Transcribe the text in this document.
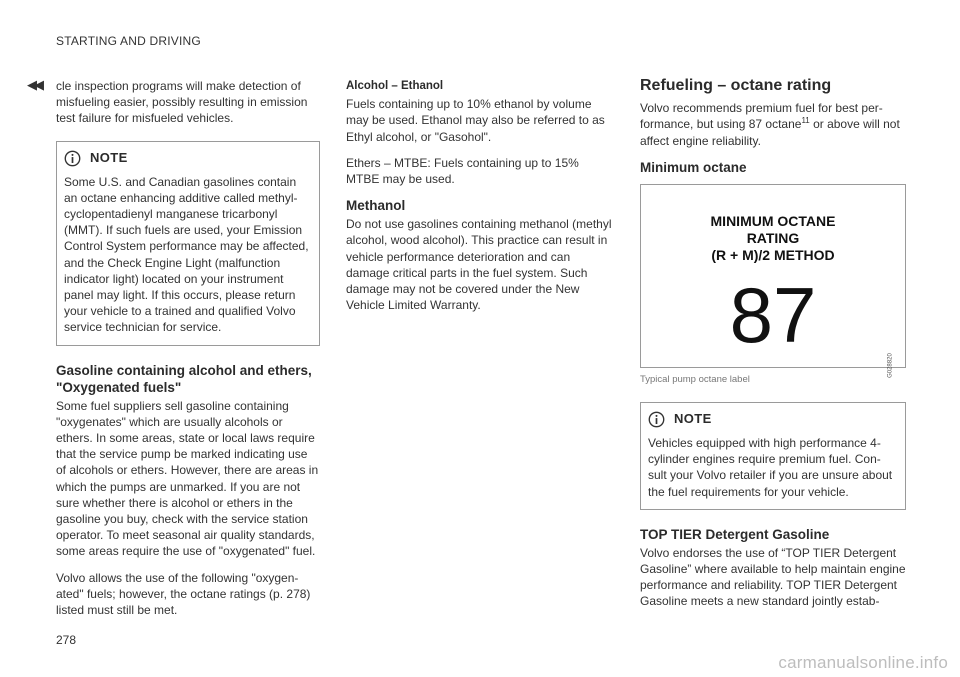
STARTING AND DRIVING
◀◀ cle inspection programs will make detection of misfueling easier, possibly resulting in emission test failure for misfueled vehicles.

NOTE

Some U.S. and Canadian gasolines contain an octane enhancing additive called methyl-cyclopentadienyl manganese tricarbonyl (MMT). If such fuels are used, your Emission Control System performance may be affected, and the Check Engine Light (malfunction indicator light) located on your instrument panel may light. If this occurs, please return your vehicle to a trained and qualified Volvo service technician for service.

Gasoline containing alcohol and ethers, "Oxygenated fuels"

Some fuel suppliers sell gasoline containing "oxygenates" which are usually alcohols or ethers. In some areas, state or local laws require that the service pump be marked indicating use of alcohols or ethers. However, there are areas in which the pumps are unmarked. If you are not sure whether there is alcohol or ethers in the gasoline you buy, check with the service station operator. To meet seasonal air quality standards, some areas require the use of "oxygenated" fuel.

Volvo allows the use of the following "oxygen-ated" fuels; however, the octane ratings (p. 278) listed must still be met.

Alcohol – Ethanol

Fuels containing up to 10% ethanol by volume may be used. Ethanol may also be referred to as Ethyl alcohol, or "Gasohol".

Ethers – MTBE: Fuels containing up to 15% MTBE may be used.

Methanol

Do not use gasolines containing methanol (methyl alcohol, wood alcohol). This practice can result in vehicle performance deterioration and can damage critical parts in the fuel system. Such damage may not be covered under the New Vehicle Limited Warranty.

Refueling – octane rating

Volvo recommends premium fuel for best per-formance, but using 87 octane$^{11}$ or above will not affect engine reliability.

Minimum octane
MINIMUM OCTANE
RATING
(R + M)/2 METHOD
87
G028820
Typical pump octane label
NOTE

Vehicles equipped with high performance 4-cylinder engines require premium fuel. Con-sult your Volvo retailer if you are unsure about the fuel requirements for your vehicle.

TOP TIER Detergent Gasoline

Volvo endorses the use of “TOP TIER Detergent Gasoline” where available to help maintain engine performance and reliability. TOP TIER Detergent Gasoline meets a new standard jointly estab-

278
carmanualsonline.info
